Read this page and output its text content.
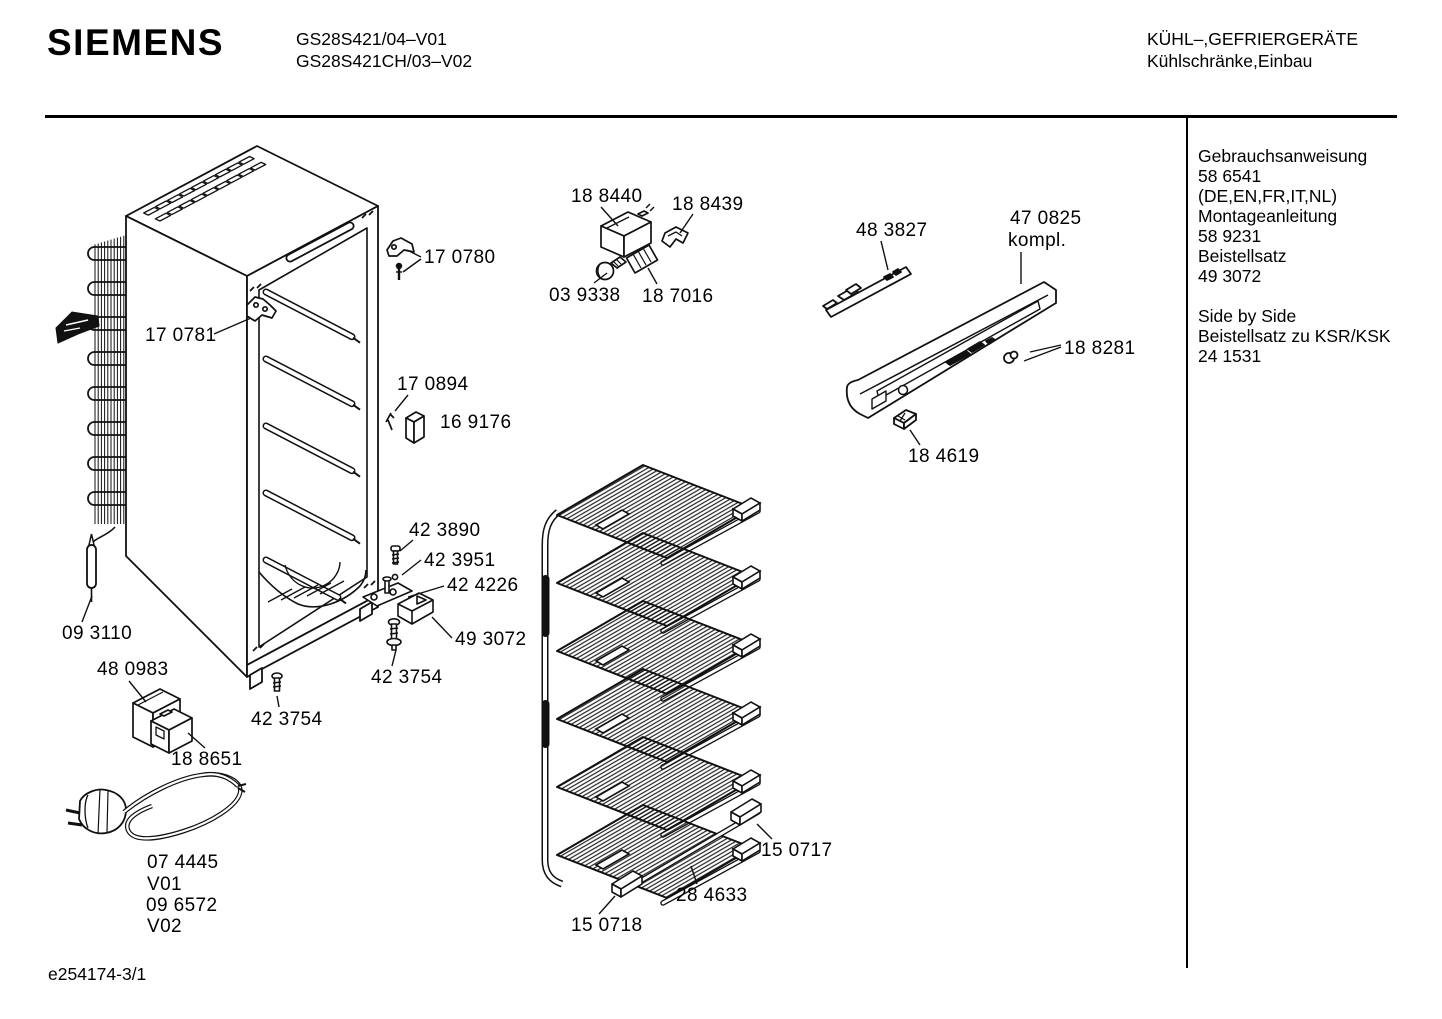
SIEMENS	GS28S421/04–V01
GS28S421CH/03–V02
KÜHL–,GEFRIERGERÄTE
Kühlschränke,Einbau
Gebrauchsanweisung
58 6541
(DE,EN,FR,IT,NL)
Montageanleitung
58 9231
Beistellsatz
49 3072
Side by Side
Beistellsatz zu KSR/KSK
24 1531
17 0780
17 0781
18 8440 18 8439
03 9338 18 7016
48 3827
47 0825
kompl.
18 8281
18 4619
17 0894
16 9176
42 3890
42 3951
42 4226
49 3072
42 3754
09 3110
48 0983
18 8651
42 3754
07 4445
V01
09 6572
V02
15 0717
28 4633
15 0718
e254174-3/1
